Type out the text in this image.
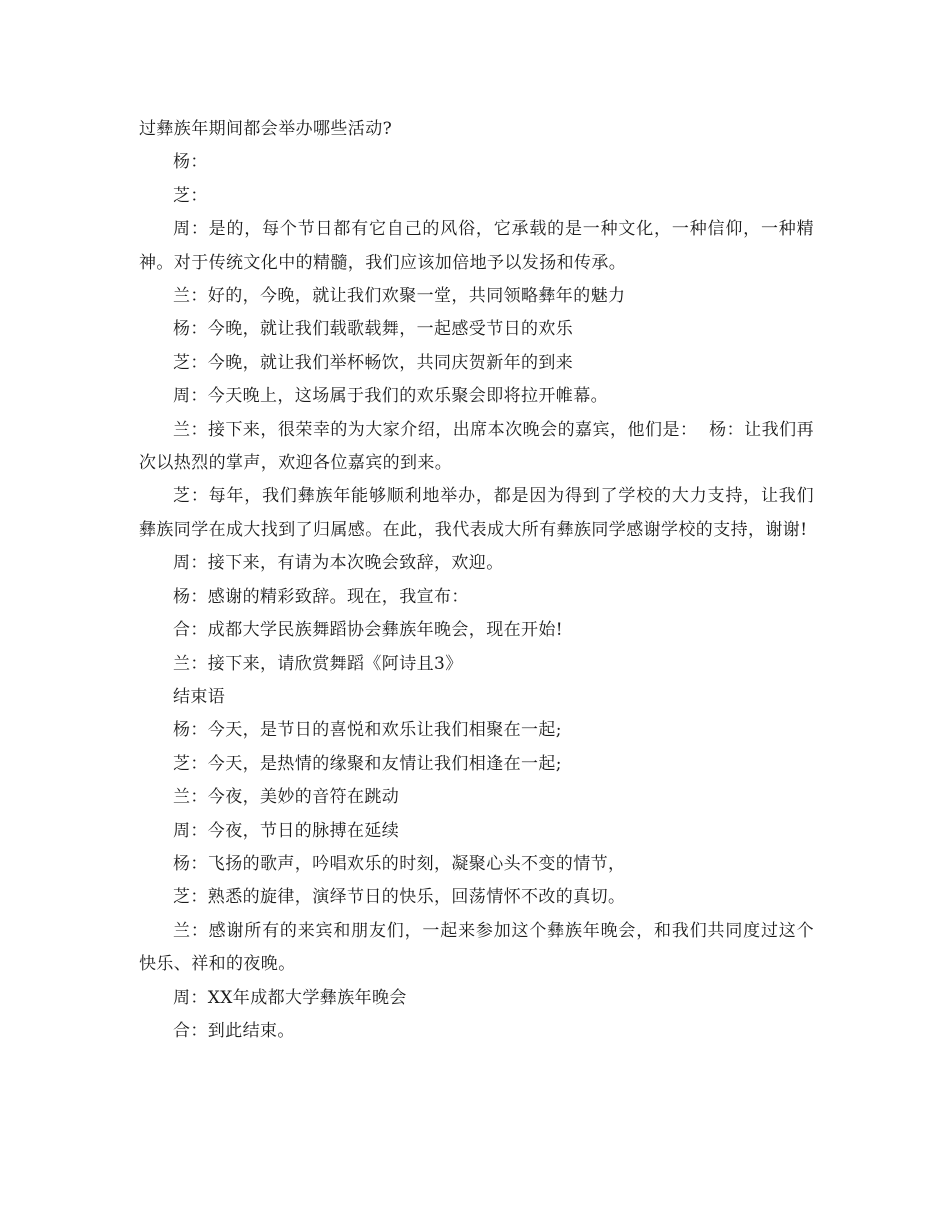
过彝族年期间都会举办哪些活动?

杨：

芝：

周：是的，每个节日都有它自己的风俗，它承载的是一种文化，一种信仰，一种精神。对于传统文化中的精髓，我们应该加倍地予以发扬和传承。

兰：好的，今晚，就让我们欢聚一堂，共同领略彝年的魅力

杨：今晚，就让我们载歌载舞，一起感受节日的欢乐

芝：今晚，就让我们举杯畅饮，共同庆贺新年的到来

周：今天晚上，这场属于我们的欢乐聚会即将拉开帷幕。

兰：接下来，很荣幸的为大家介绍，出席本次晚会的嘉宾，他们是：  杨：让我们再次以热烈的掌声，欢迎各位嘉宾的到来。

芝：每年，我们彝族年能够顺利地举办，都是因为得到了学校的大力支持，让我们彝族同学在成大找到了归属感。在此，我代表成大所有彝族同学感谢学校的支持，谢谢!

周：接下来，有请为本次晚会致辞，欢迎。

杨：感谢的精彩致辞。现在，我宣布：

合：成都大学民族舞蹈协会彝族年晚会，现在开始!

兰：接下来，请欣赏舞蹈《阿诗且3》

结束语

杨：今天，是节日的喜悦和欢乐让我们相聚在一起;

芝：今天，是热情的缘聚和友情让我们相逢在一起;

兰：今夜，美妙的音符在跳动

周：今夜，节日的脉搏在延续

杨：飞扬的歌声，吟唱欢乐的时刻，凝聚心头不变的情节，

芝：熟悉的旋律，演绎节日的快乐，回荡情怀不改的真切。

兰：感谢所有的来宾和朋友们，一起来参加这个彝族年晚会，和我们共同度过这个快乐、祥和的夜晚。

周：XX年成都大学彝族年晚会

合：到此结束。
